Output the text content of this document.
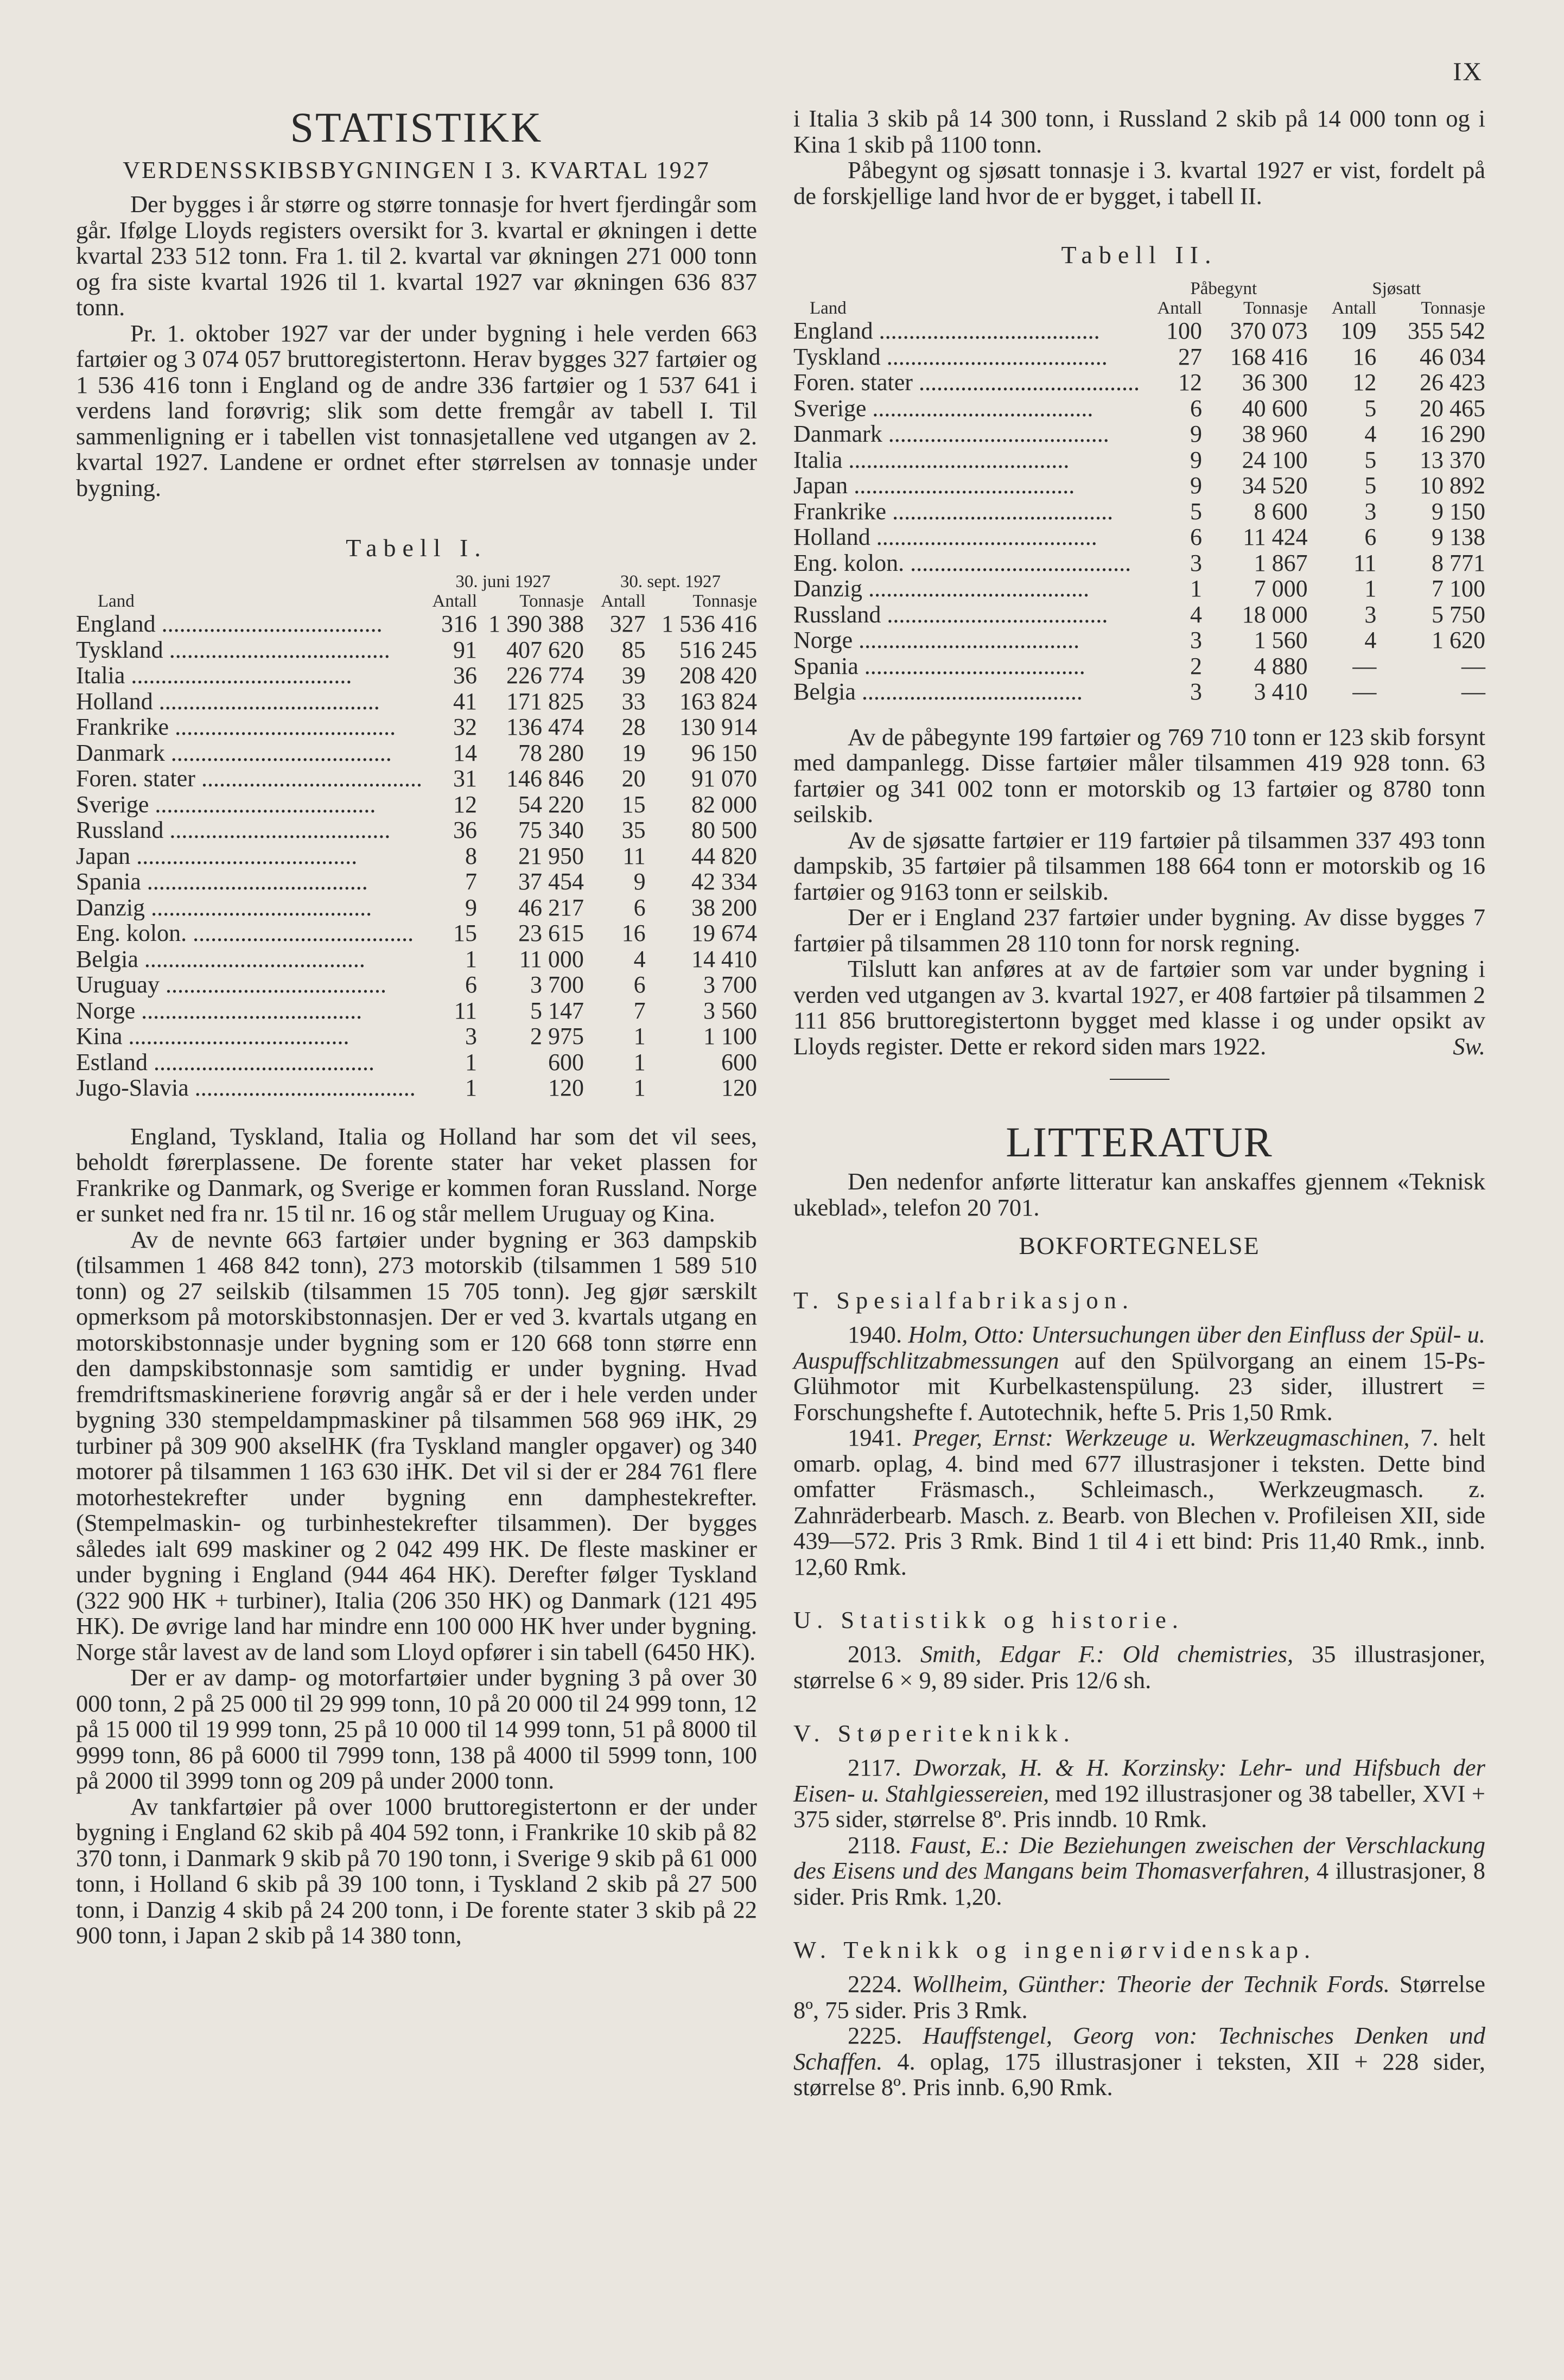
IX
STATISTIKK
VERDENSSKIBSBYGNINGEN I 3. KVARTAL 1927

Der bygges i år større og større tonnasje for hvert fjerdingår som går. Ifølge Lloyds registers oversikt for 3. kvartal er økningen i dette kvartal 233 512 tonn. Fra 1. til 2. kvartal var økningen 271 000 tonn og fra siste kvartal 1926 til 1. kvartal 1927 var økningen 636 837 tonn.

Pr. 1. oktober 1927 var der under bygning i hele verden 663 fartøier og 3 074 057 bruttoregistertonn. Herav bygges 327 fartøier og 1 536 416 tonn i England og de andre 336 fartøier og 1 537 641 i verdens land forøvrig; slik som dette fremgår av tabell I. Til sammenligning er i tabellen vist tonnasjetallene ved utgangen av 2. kvartal 1927. Landene er ordnet efter størrelsen av tonnasje under bygning.

Tabell I.
	30. juni 1927		30. sept. 1927	
Land	Antall	Tonnasje	Antall	Tonnasje
England .....	316	1 390 388	327	1 536 416
Tyskland .....	91	407 620	85	516 245
Italia .....	36	226 774	39	208 420
Holland .....	41	171 825	33	163 824
Frankrike .....	32	136 474	28	130 914
Danmark .....	14	78 280	19	96 150
Foren. stater .....	31	146 846	20	91 070
Sverige .....	12	54 220	15	82 000
Russland .....	36	75 340	35	80 500
Japan .....	8	21 950	11	44 820
Spania .....	7	37 454	9	42 334
Danzig .....	9	46 217	6	38 200
Eng. kolon. .....	15	23 615	16	19 674
Belgia .....	1	11 000	4	14 410
Uruguay .....	6	3 700	6	3 700
Norge .....	11	5 147	7	3 560
Kina .....	3	2 975	1	1 100
Estland .....	1	600	1	600
Jugo-Slavia .....	1	120	1	120

England, Tyskland, Italia og Holland har som det vil sees, beholdt førerplassene. De forente stater har veket plassen for Frankrike og Danmark, og Sverige er kommen foran Russland. Norge er sunket ned fra nr. 15 til nr. 16 og står mellem Uruguay og Kina.

Av de nevnte 663 fartøier under bygning er 363 dampskib (tilsammen 1 468 842 tonn), 273 motorskib (tilsammen 1 589 510 tonn) og 27 seilskib (tilsammen 15 705 tonn). Jeg gjør særskilt opmerksom på motorskibstonnasjen. Der er ved 3. kvartals utgang en motorskibstonnasje under bygning som er 120 668 tonn større enn den dampskibstonnasje som samtidig er under bygning. Hvad fremdriftsmaskineriene forøvrig angår så er der i hele verden under bygning 330 stempeldampmaskiner på tilsammen 568 969 iHK, 29 turbiner på 309 900 akselHK (fra Tyskland mangler opgaver) og 340 motorer på tilsammen 1 163 630 iHK. Det vil si der er 284 761 flere motorhestekrefter under bygning enn damphestekrefter. (Stempelmaskin- og turbinhestekrefter tilsammen). Der bygges således ialt 699 maskiner og 2 042 499 HK. De fleste maskiner er under bygning i England (944 464 HK). Derefter følger Tyskland (322 900 HK + turbiner), Italia (206 350 HK) og Danmark (121 495 HK). De øvrige land har mindre enn 100 000 HK hver under bygning. Norge står lavest av de land som Lloyd opfører i sin tabell (6450 HK).

Der er av damp- og motorfartøier under bygning 3 på over 30 000 tonn, 2 på 25 000 til 29 999 tonn, 10 på 20 000 til 24 999 tonn, 12 på 15 000 til 19 999 tonn, 25 på 10 000 til 14 999 tonn, 51 på 8000 til 9999 tonn, 86 på 6000 til 7999 tonn, 138 på 4000 til 5999 tonn, 100 på 2000 til 3999 tonn og 209 på under 2000 tonn.

Av tankfartøier på over 1000 bruttoregistertonn er der under bygning i England 62 skib på 404 592 tonn, i Frankrike 10 skib på 82 370 tonn, i Danmark 9 skib på 70 190 tonn, i Sverige 9 skib på 61 000 tonn, i Holland 6 skib på 39 100 tonn, i Tyskland 2 skib på 27 500 tonn, i Danzig 4 skib på 24 200 tonn, i De forente stater 3 skib på 22 900 tonn, i Japan 2 skib på 14 380 tonn,

i Italia 3 skib på 14 300 tonn, i Russland 2 skib på 14 000 tonn og i Kina 1 skib på 1100 tonn.

Påbegynt og sjøsatt tonnasje i 3. kvartal 1927 er vist, fordelt på de forskjellige land hvor de er bygget, i tabell II.

Tabell II.
	Påbegynt		Sjøsatt	
Land	Antall	Tonnasje	Antall	Tonnasje
England .....	100	370 073	109	355 542
Tyskland .....	27	168 416	16	46 034
Foren. stater .....	12	36 300	12	26 423
Sverige .....	6	40 600	5	20 465
Danmark .....	9	38 960	4	16 290
Italia .....	9	24 100	5	13 370
Japan .....	9	34 520	5	10 892
Frankrike .....	5	8 600	3	9 150
Holland .....	6	11 424	6	9 138
Eng. kolon. .....	3	1 867	11	8 771
Danzig .....	1	7 000	1	7 100
Russland .....	4	18 000	3	5 750
Norge .....	3	1 560	4	1 620
Spania .....	2	4 880	—	—
Belgia .....	3	3 410	—	—

Av de påbegynte 199 fartøier og 769 710 tonn er 123 skib forsynt med dampanlegg. Disse fartøier måler tilsammen 419 928 tonn. 63 fartøier og 341 002 tonn er motorskib og 13 fartøier og 8780 tonn seilskib.

Av de sjøsatte fartøier er 119 fartøier på tilsammen 337 493 tonn dampskib, 35 fartøier på tilsammen 188 664 tonn er motorskib og 16 fartøier og 9163 tonn er seilskib.

Der er i England 237 fartøier under bygning. Av disse bygges 7 fartøier på tilsammen 28 110 tonn for norsk regning.

Tilslutt kan anføres at av de fartøier som var under bygning i verden ved utgangen av 3. kvartal 1927, er 408 fartøier på tilsammen 2 111 856 bruttoregistertonn bygget med klasse i og under opsikt av Lloyds register. Dette er rekord siden mars 1922.	Sw.

LITTERATUR

Den nedenfor anførte litteratur kan anskaffes gjennem «Teknisk ukeblad», telefon 20 701.

BOKFORTEGNELSE
T. Spesialfabrikasjon.

1940. Holm, Otto: Untersuchungen über den Einfluss der Spül- u. Auspuffschlitzabmessungen auf den Spülvorgang an einem 15-Ps-Glühmotor mit Kurbelkastenspülung. 23 sider, illustrert = Forschungshefte f. Autotechnik, hefte 5. Pris 1,50 Rmk.

1941. Preger, Ernst: Werkzeuge u. Werkzeugmaschinen, 7. helt omarb. oplag, 4. bind med 677 illustrasjoner i teksten. Dette bind omfatter Fräsmasch., Schleimasch., Werkzeugmasch. z. Zahnräderbearb. Masch. z. Bearb. von Blechen v. Profileisen XII, side 439—572. Pris 3 Rmk. Bind 1 til 4 i ett bind: Pris 11,40 Rmk., innb. 12,60 Rmk.

U. Statistikk og historie.

2013. Smith, Edgar F.: Old chemistries, 35 illustrasjoner, størrelse 6 × 9, 89 sider. Pris 12/6 sh.

V. Støperiteknikk.

2117. Dworzak, H. & H. Korzinsky: Lehr- und Hifsbuch der Eisen- u. Stahlgiessereien, med 192 illustrasjoner og 38 tabeller, XVI + 375 sider, størrelse 8º. Pris inndb. 10 Rmk.

2118. Faust, E.: Die Beziehungen zweischen der Verschlackung des Eisens und des Mangans beim Thomasverfahren, 4 illustrasjoner, 8 sider. Pris Rmk. 1,20.

W. Teknikk og ingeniørvidenskap.

2224. Wollheim, Günther: Theorie der Technik Fords. Størrelse 8º, 75 sider. Pris 3 Rmk.

2225. Hauffstengel, Georg von: Technisches Denken und Schaffen. 4. oplag, 175 illustrasjoner i teksten, XII + 228 sider, størrelse 8º. Pris innb. 6,90 Rmk.
